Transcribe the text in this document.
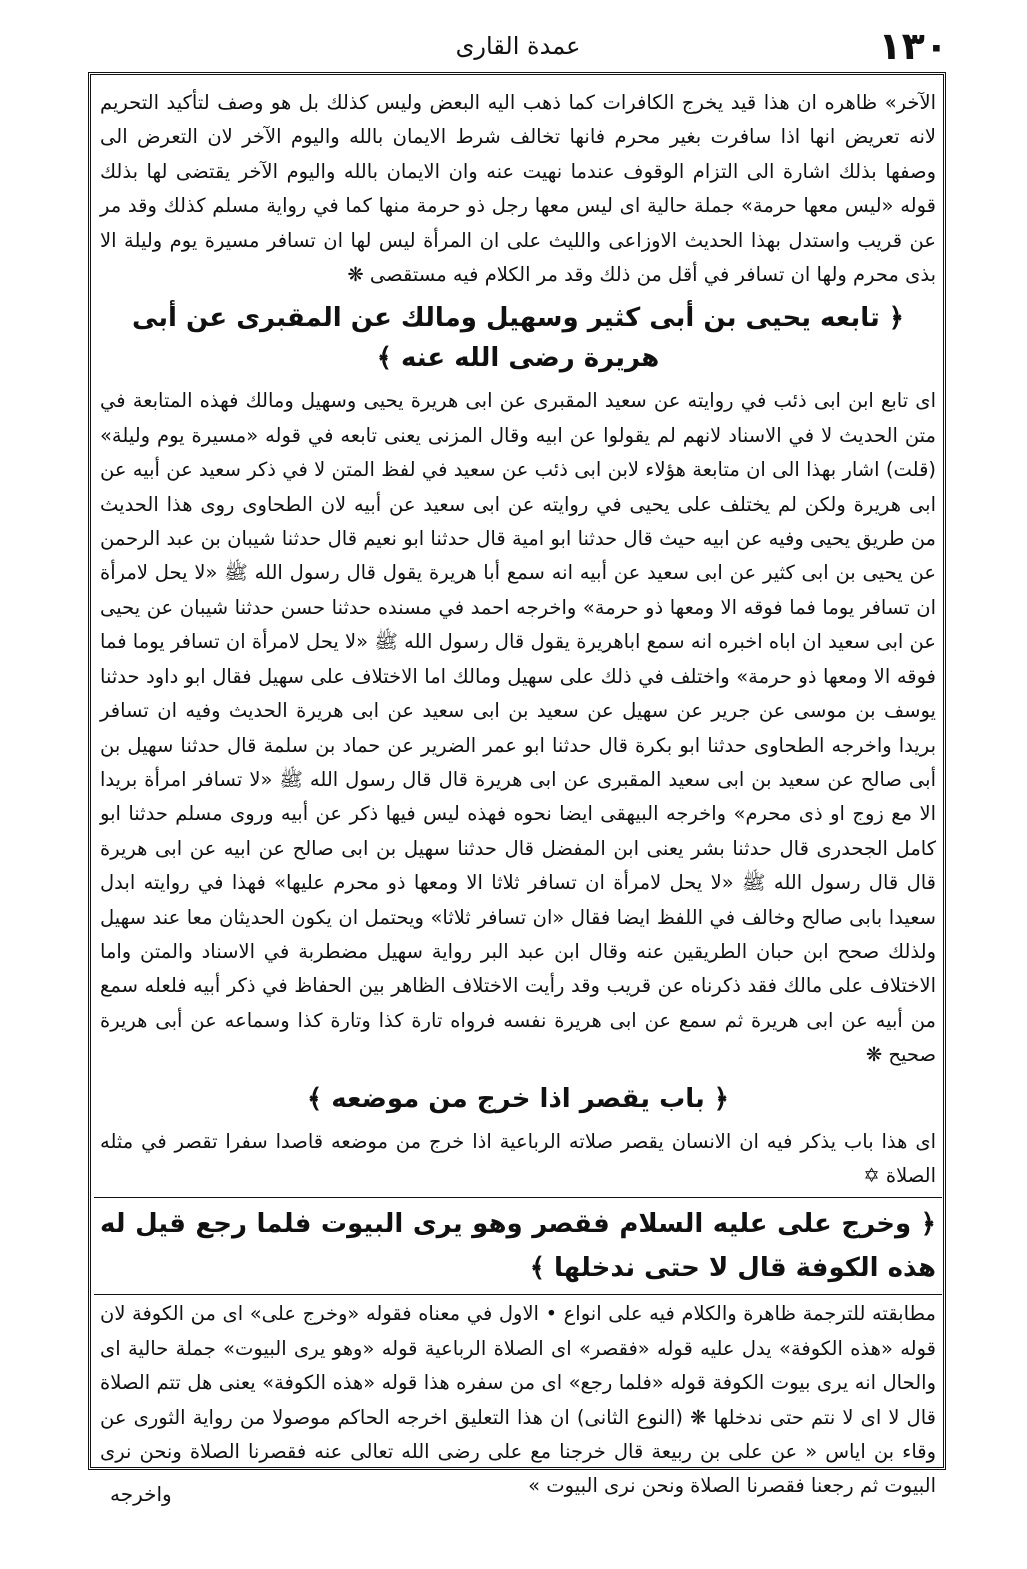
١٣٠
عمدة القارى

الآخر» ظاهره ان هذا قيد يخرج الكافرات كما ذهب اليه البعض وليس كذلك بل هو وصف لتأكيد التحريم لانه تعريض انها اذا سافرت بغير محرم فانها تخالف شرط الايمان بالله واليوم الآخر لان التعرض الى وصفها بذلك اشارة الى التزام الوقوف عندما نهيت عنه وان الايمان بالله واليوم الآخر يقتضى لها بذلك قوله «ليس معها حرمة» جملة حالية اى ليس معها رجل ذو حرمة منها كما في رواية مسلم كذلك وقد مر عن قريب واستدل بهذا الحديث الاوزاعى والليث على ان المرأة ليس لها ان تسافر مسيرة يوم وليلة الا بذى محرم ولها ان تسافر في أقل من ذلك وقد مر الكلام فيه مستقصى ❋

﴿ تابعه يحيى بن أبى كثير وسهيل ومالك عن المقبرى عن أبى هريرة رضى الله عنه ﴾

اى تابع ابن ابى ذئب في روايته عن سعيد المقبرى عن ابى هريرة يحيى وسهيل ومالك فهذه المتابعة في متن الحديث لا في الاسناد لانهم لم يقولوا عن ابيه وقال المزنى يعنى تابعه في قوله «مسيرة يوم وليلة» (قلت) اشار بهذا الى ان متابعة هؤلاء لابن ابى ذئب عن سعيد في لفظ المتن لا في ذكر سعيد عن أبيه عن ابى هريرة ولكن لم يختلف على يحيى في روايته عن ابى سعيد عن أبيه لان الطحاوى روى هذا الحديث من طريق يحيى وفيه عن ابيه حيث قال حدثنا ابو امية قال حدثنا ابو نعيم قال حدثنا شيبان بن عبد الرحمن عن يحيى بن ابى كثير عن ابى سعيد عن أبيه انه سمع أبا هريرة يقول قال رسول الله ﷺ «لا يحل لامرأة ان تسافر يوما فما فوقه الا ومعها ذو حرمة» واخرجه احمد في مسنده حدثنا حسن حدثنا شيبان عن يحيى عن ابى سعيد ان اباه اخبره انه سمع اباهريرة يقول قال رسول الله ﷺ «لا يحل لامرأة ان تسافر يوما فما فوقه الا ومعها ذو حرمة» واختلف في ذلك على سهيل ومالك اما الاختلاف على سهيل فقال ابو داود حدثنا يوسف بن موسى عن جرير عن سهيل عن سعيد بن ابى سعيد عن ابى هريرة الحديث وفيه ان تسافر بريدا واخرجه الطحاوى حدثنا ابو بكرة قال حدثنا ابو عمر الضرير عن حماد بن سلمة قال حدثنا سهيل بن أبى صالح عن سعيد بن ابى سعيد المقبرى عن ابى هريرة قال قال رسول الله ﷺ «لا تسافر امرأة بريدا الا مع زوج او ذى محرم» واخرجه البيهقى ايضا نحوه فهذه ليس فيها ذكر عن أبيه وروى مسلم حدثنا ابو كامل الجحدرى قال حدثنا بشر يعنى ابن المفضل قال حدثنا سهيل بن ابى صالح عن ابيه عن ابى هريرة قال قال رسول الله ﷺ «لا يحل لامرأة ان تسافر ثلاثا الا ومعها ذو محرم عليها» فهذا في روايته ابدل سعيدا بابى صالح وخالف في اللفظ ايضا فقال «ان تسافر ثلاثا» ويحتمل ان يكون الحديثان معا عند سهيل ولذلك صحح ابن حبان الطريقين عنه وقال ابن عبد البر رواية سهيل مضطربة في الاسناد والمتن واما الاختلاف على مالك فقد ذكرناه عن قريب وقد رأيت الاختلاف الظاهر بين الحفاظ في ذكر أبيه فلعله سمع من أبيه عن ابى هريرة ثم سمع عن ابى هريرة نفسه فرواه تارة كذا وتارة كذا وسماعه عن أبى هريرة صحيح ❋

﴿ باب يقصر اذا خرج من موضعه ﴾

اى هذا باب يذكر فيه ان الانسان يقصر صلاته الرباعية اذا خرج من موضعه قاصدا سفرا تقصر في مثله الصلاة ✡

﴿ وخرج على عليه السلام فقصر وهو يرى البيوت فلما رجع قيل له هذه الكوفة قال لا حتى ندخلها ﴾

مطابقته للترجمة ظاهرة والكلام فيه على انواع • الاول في معناه فقوله «وخرج على» اى من الكوفة لان قوله «هذه الكوفة» يدل عليه قوله «فقصر» اى الصلاة الرباعية قوله «وهو يرى البيوت» جملة حالية اى والحال انه يرى بيوت الكوفة قوله «فلما رجع» اى من سفره هذا قوله «هذه الكوفة» يعنى هل تتم الصلاة قال لا اى لا نتم حتى ندخلها ❋ (النوع الثانى) ان هذا التعليق اخرجه الحاكم موصولا من رواية الثورى عن وقاء بن اياس « عن على بن ربيعة قال خرجنا مع على رضى الله تعالى عنه فقصرنا الصلاة ونحن نرى البيوت ثم رجعنا فقصرنا الصلاة ونحن نرى البيوت »

واخرجه
